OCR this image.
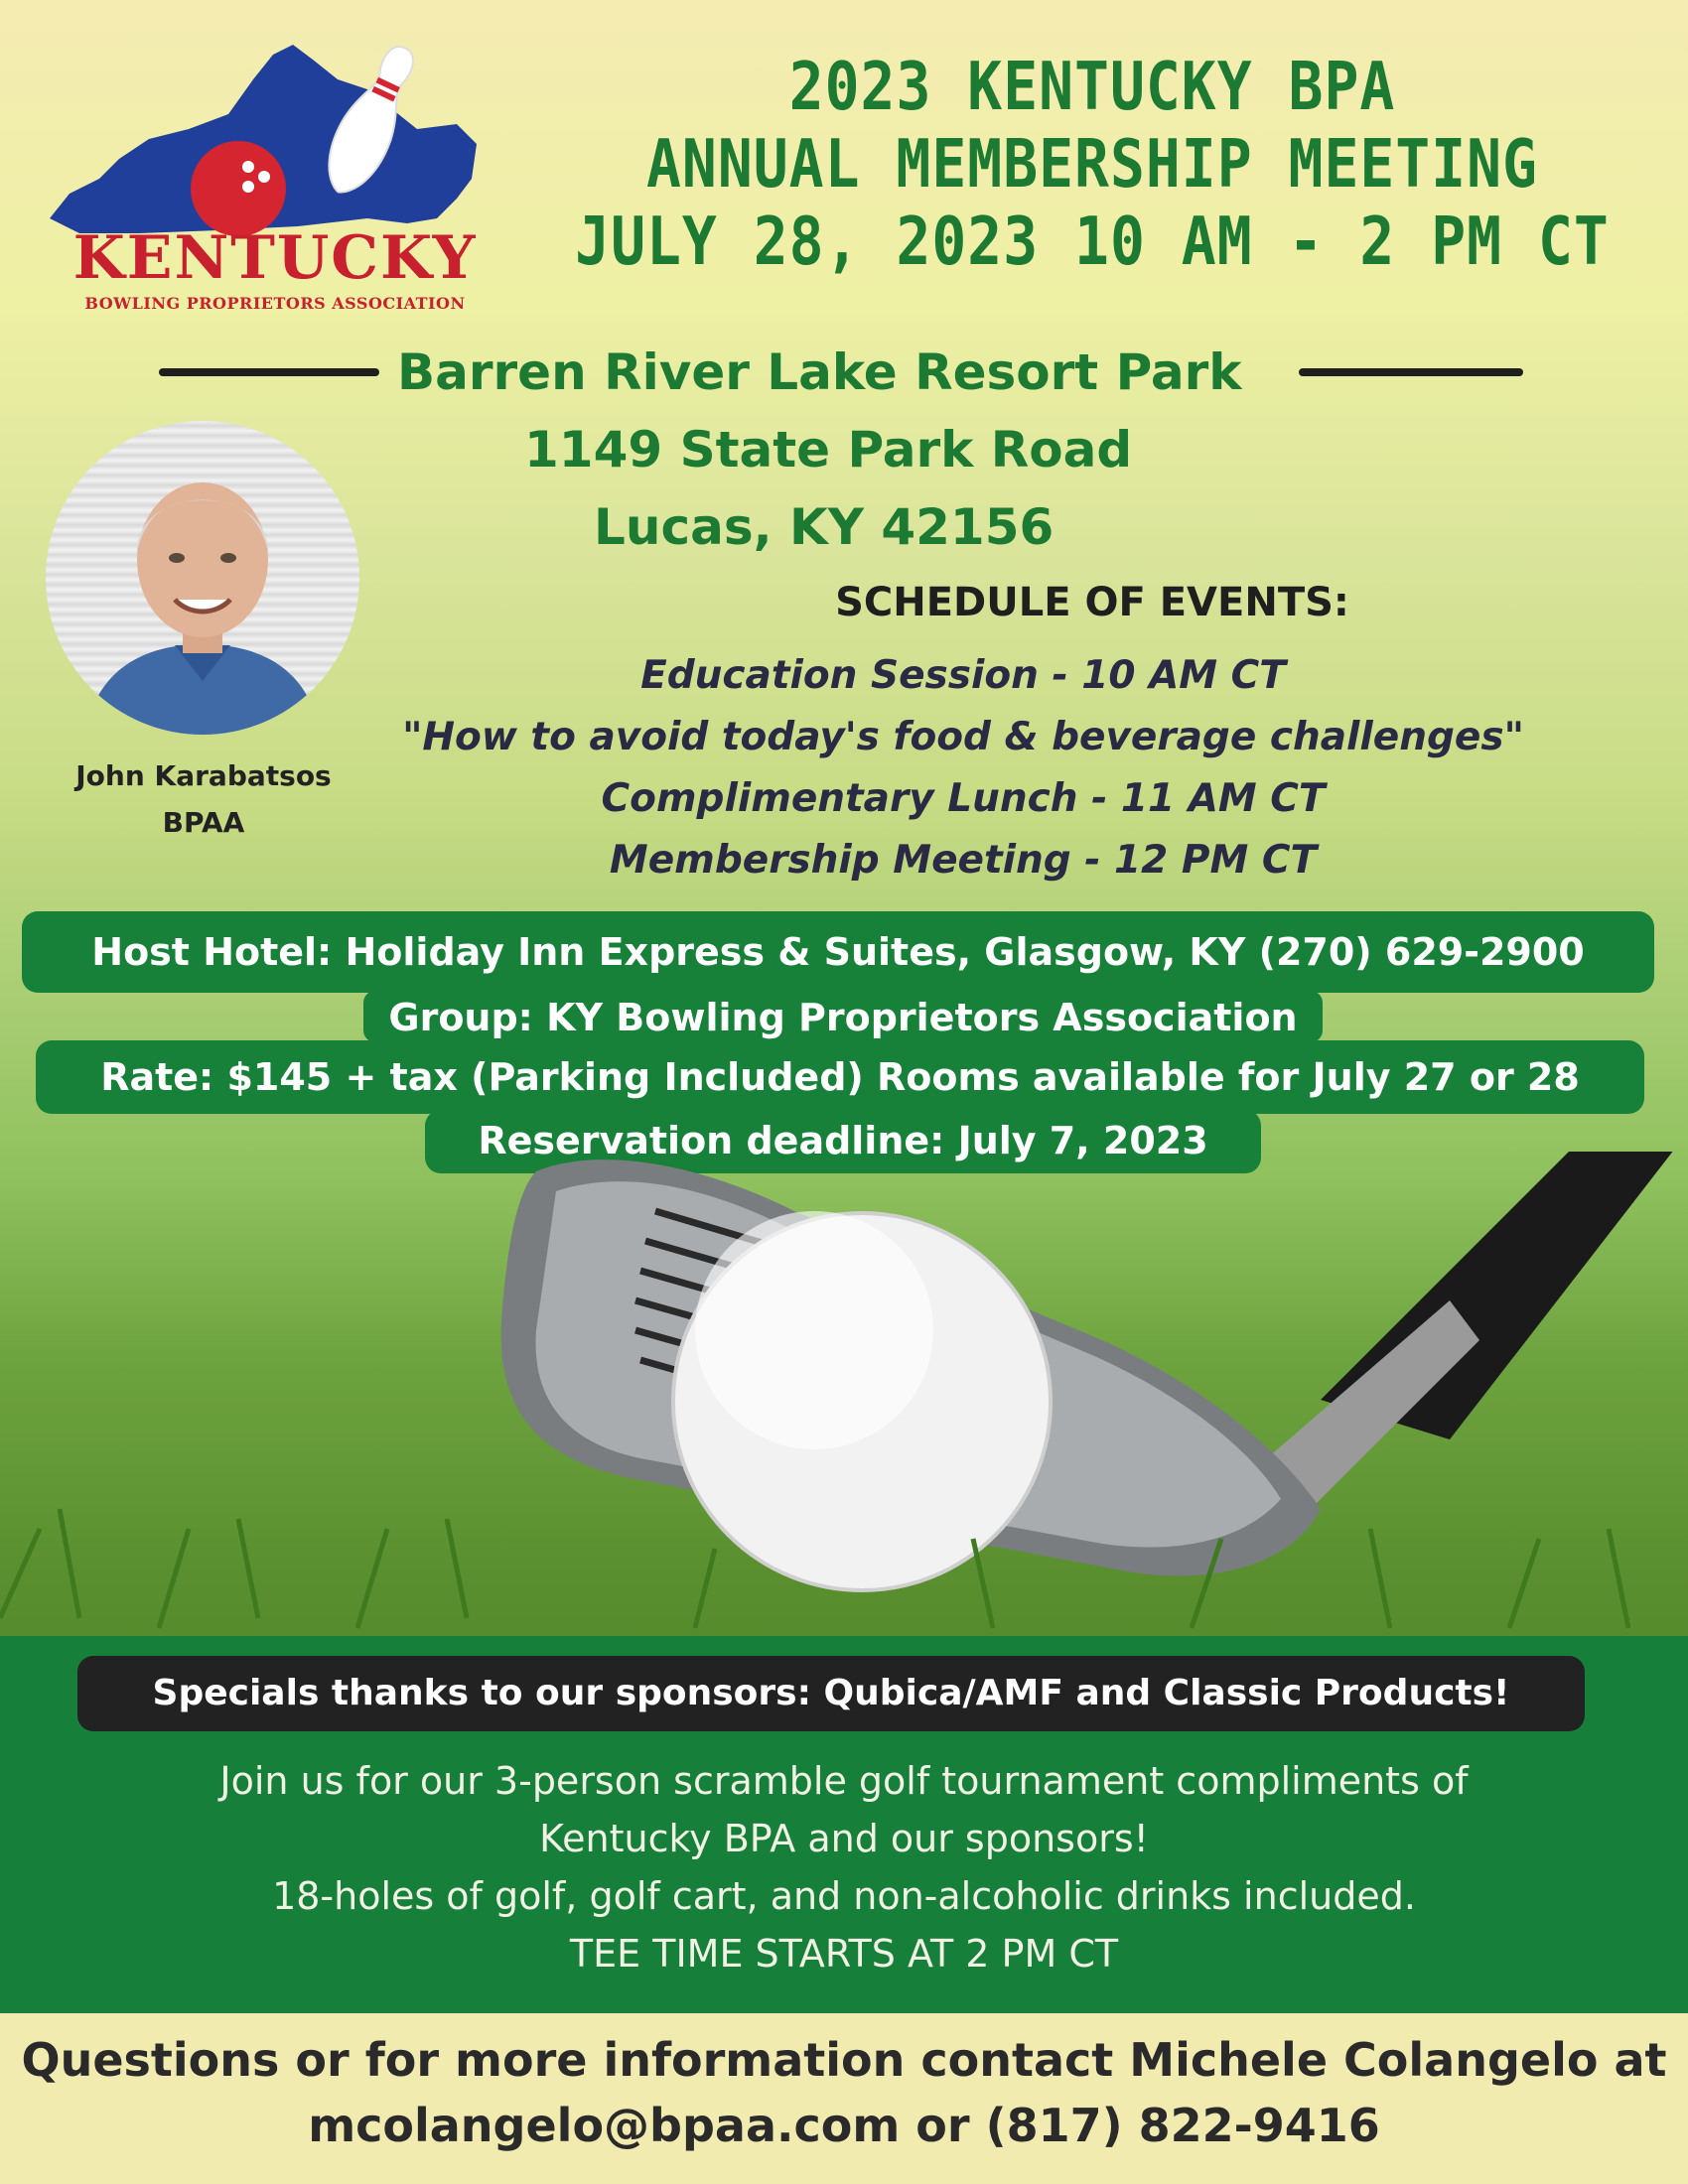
KENTUCKY
BOWLING PROPRIETORS ASSOCIATION
2023 KENTUCKY BPA
ANNUAL MEMBERSHIP MEETING
JULY 28, 2023 10 AM - 2 PM CT
Barren River Lake Resort Park
1149 State Park Road
Lucas, KY 42156
John Karabatsos
BPAA
SCHEDULE OF EVENTS:
Education Session - 10 AM CT
"How to avoid today's food & beverage challenges"
Complimentary Lunch - 11 AM CT
Membership Meeting - 12 PM CT
Host Hotel: Holiday Inn Express & Suites, Glasgow, KY (270) 629-2900
Group: KY Bowling Proprietors Association
Rate: $145 + tax (Parking Included) Rooms available for July 27 or 28
Reservation deadline: July 7, 2023
Specials thanks to our sponsors: Qubica/AMF and Classic Products!
Join us for our 3-person scramble golf tournament compliments of
Kentucky BPA and our sponsors!
18-holes of golf, golf cart, and non-alcoholic drinks included.
TEE TIME STARTS AT 2 PM CT
Questions or for more information contact Michele Colangelo at
mcolangelo@bpaa.com or (817) 822-9416
